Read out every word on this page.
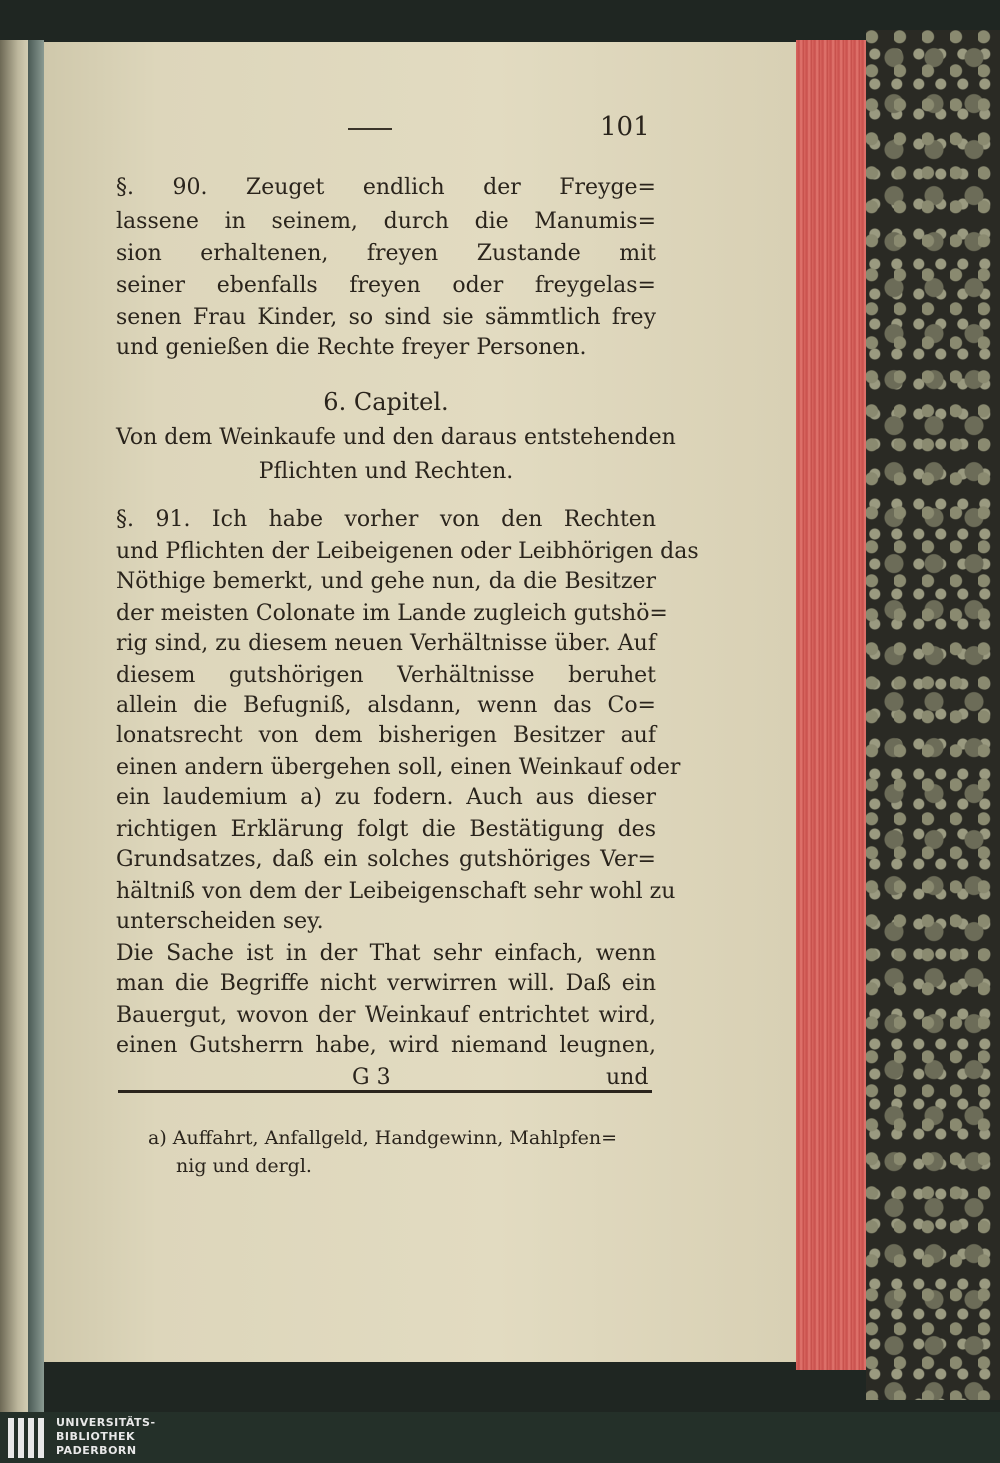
101
§. 90. Zeuget endlich der Freyge=
lassene in seinem, durch die Manumis=
sion erhaltenen, freyen Zustande mit
seiner ebenfalls freyen oder freygelas=
senen Frau Kinder, so sind sie sämmtlich frey
und genießen die Rechte freyer Personen.
6. Capitel.
Von dem Weinkaufe und den daraus entstehenden
Pflichten und Rechten.
§. 91. Ich habe vorher von den Rechten
und Pflichten der Leibeigenen oder Leibhörigen das
Nöthige bemerkt, und gehe nun, da die Besitzer
der meisten Colonate im Lande zugleich gutshö=
rig sind, zu diesem neuen Verhältnisse über. Auf
diesem gutshörigen Verhältnisse beruhet
allein die Befugniß, alsdann, wenn das Co=
lonatsrecht von dem bisherigen Besitzer auf
einen andern übergehen soll, einen Weinkauf oder
ein laudemium a) zu fodern. Auch aus dieser
richtigen Erklärung folgt die Bestätigung des
Grundsatzes, daß ein solches gutshöriges Ver=
hältniß von dem der Leibeigenschaft sehr wohl zu
unterscheiden sey.
Die Sache ist in der That sehr einfach, wenn
man die Begriffe nicht verwirren will. Daß ein
Bauergut, wovon der Weinkauf entrichtet wird,
einen Gutsherrn habe, wird niemand leugnen,
G 3	und
a) Auffahrt, Anfallgeld, Handgewinn, Mahlpfen=
nig und dergl.
UNIVERSITÄTS-
BIBLIOTHEK
PADERBORN
